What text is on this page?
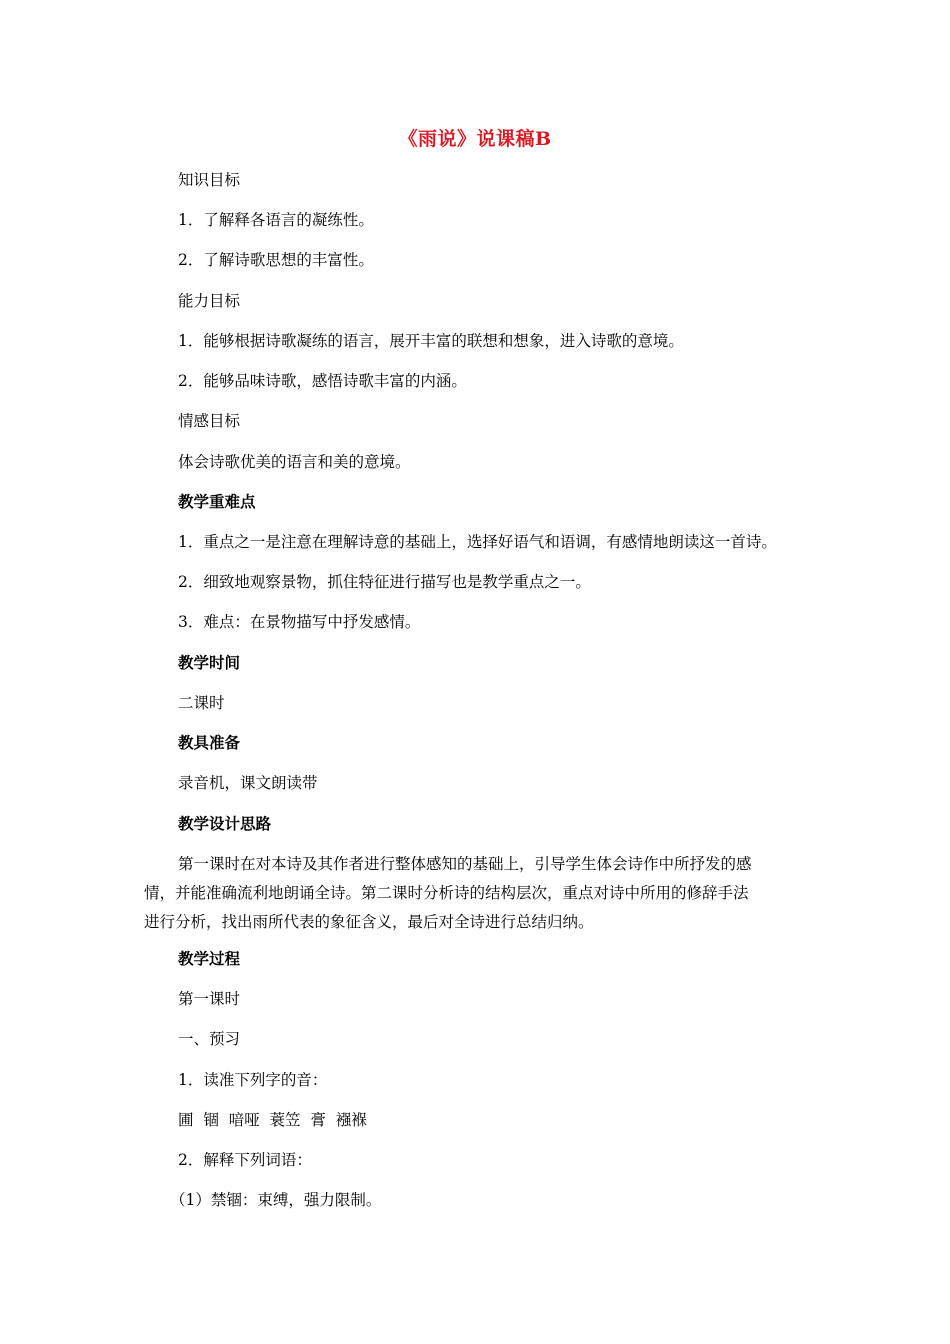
《雨说》说课稿B
知识目标
1．了解释各语言的凝练性。
2．了解诗歌思想的丰富性。
能力目标
1．能够根据诗歌凝练的语言，展开丰富的联想和想象，进入诗歌的意境。
2．能够品味诗歌，感悟诗歌丰富的内涵。
情感目标
体会诗歌优美的语言和美的意境。
教学重难点
1．重点之一是注意在理解诗意的基础上，选择好语气和语调，有感情地朗读这一首诗。
2．细致地观察景物，抓住特征进行描写也是教学重点之一。
3．难点：在景物描写中抒发感情。
教学时间
二课时
教具准备
录音机，课文朗读带
教学设计思路
第一课时在对本诗及其作者进行整体感知的基础上，引导学生体会诗作中所抒发的感
情，并能准确流利地朗诵全诗。第二课时分析诗的结构层次，重点对诗中所用的修辞手法
进行分析，找出雨所代表的象征含义，最后对全诗进行总结归纳。
教学过程
第一课时
一、预习
1．读准下列字的音：
圃  锢  喑哑  蓑笠  膏  襁褓
2．解释下列词语：
（1）禁锢：束缚，强力限制。
